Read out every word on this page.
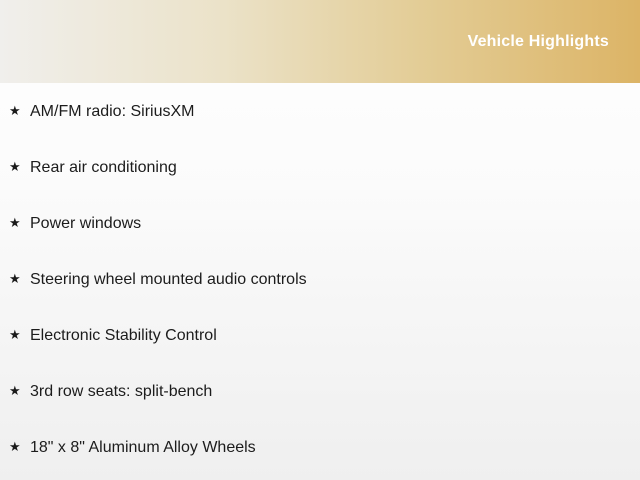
Vehicle Highlights
★ AM/FM radio: SiriusXM
★ Rear air conditioning
★ Power windows
★ Steering wheel mounted audio controls
★ Electronic Stability Control
★ 3rd row seats: split-bench
★ 18" x 8" Aluminum Alloy Wheels
